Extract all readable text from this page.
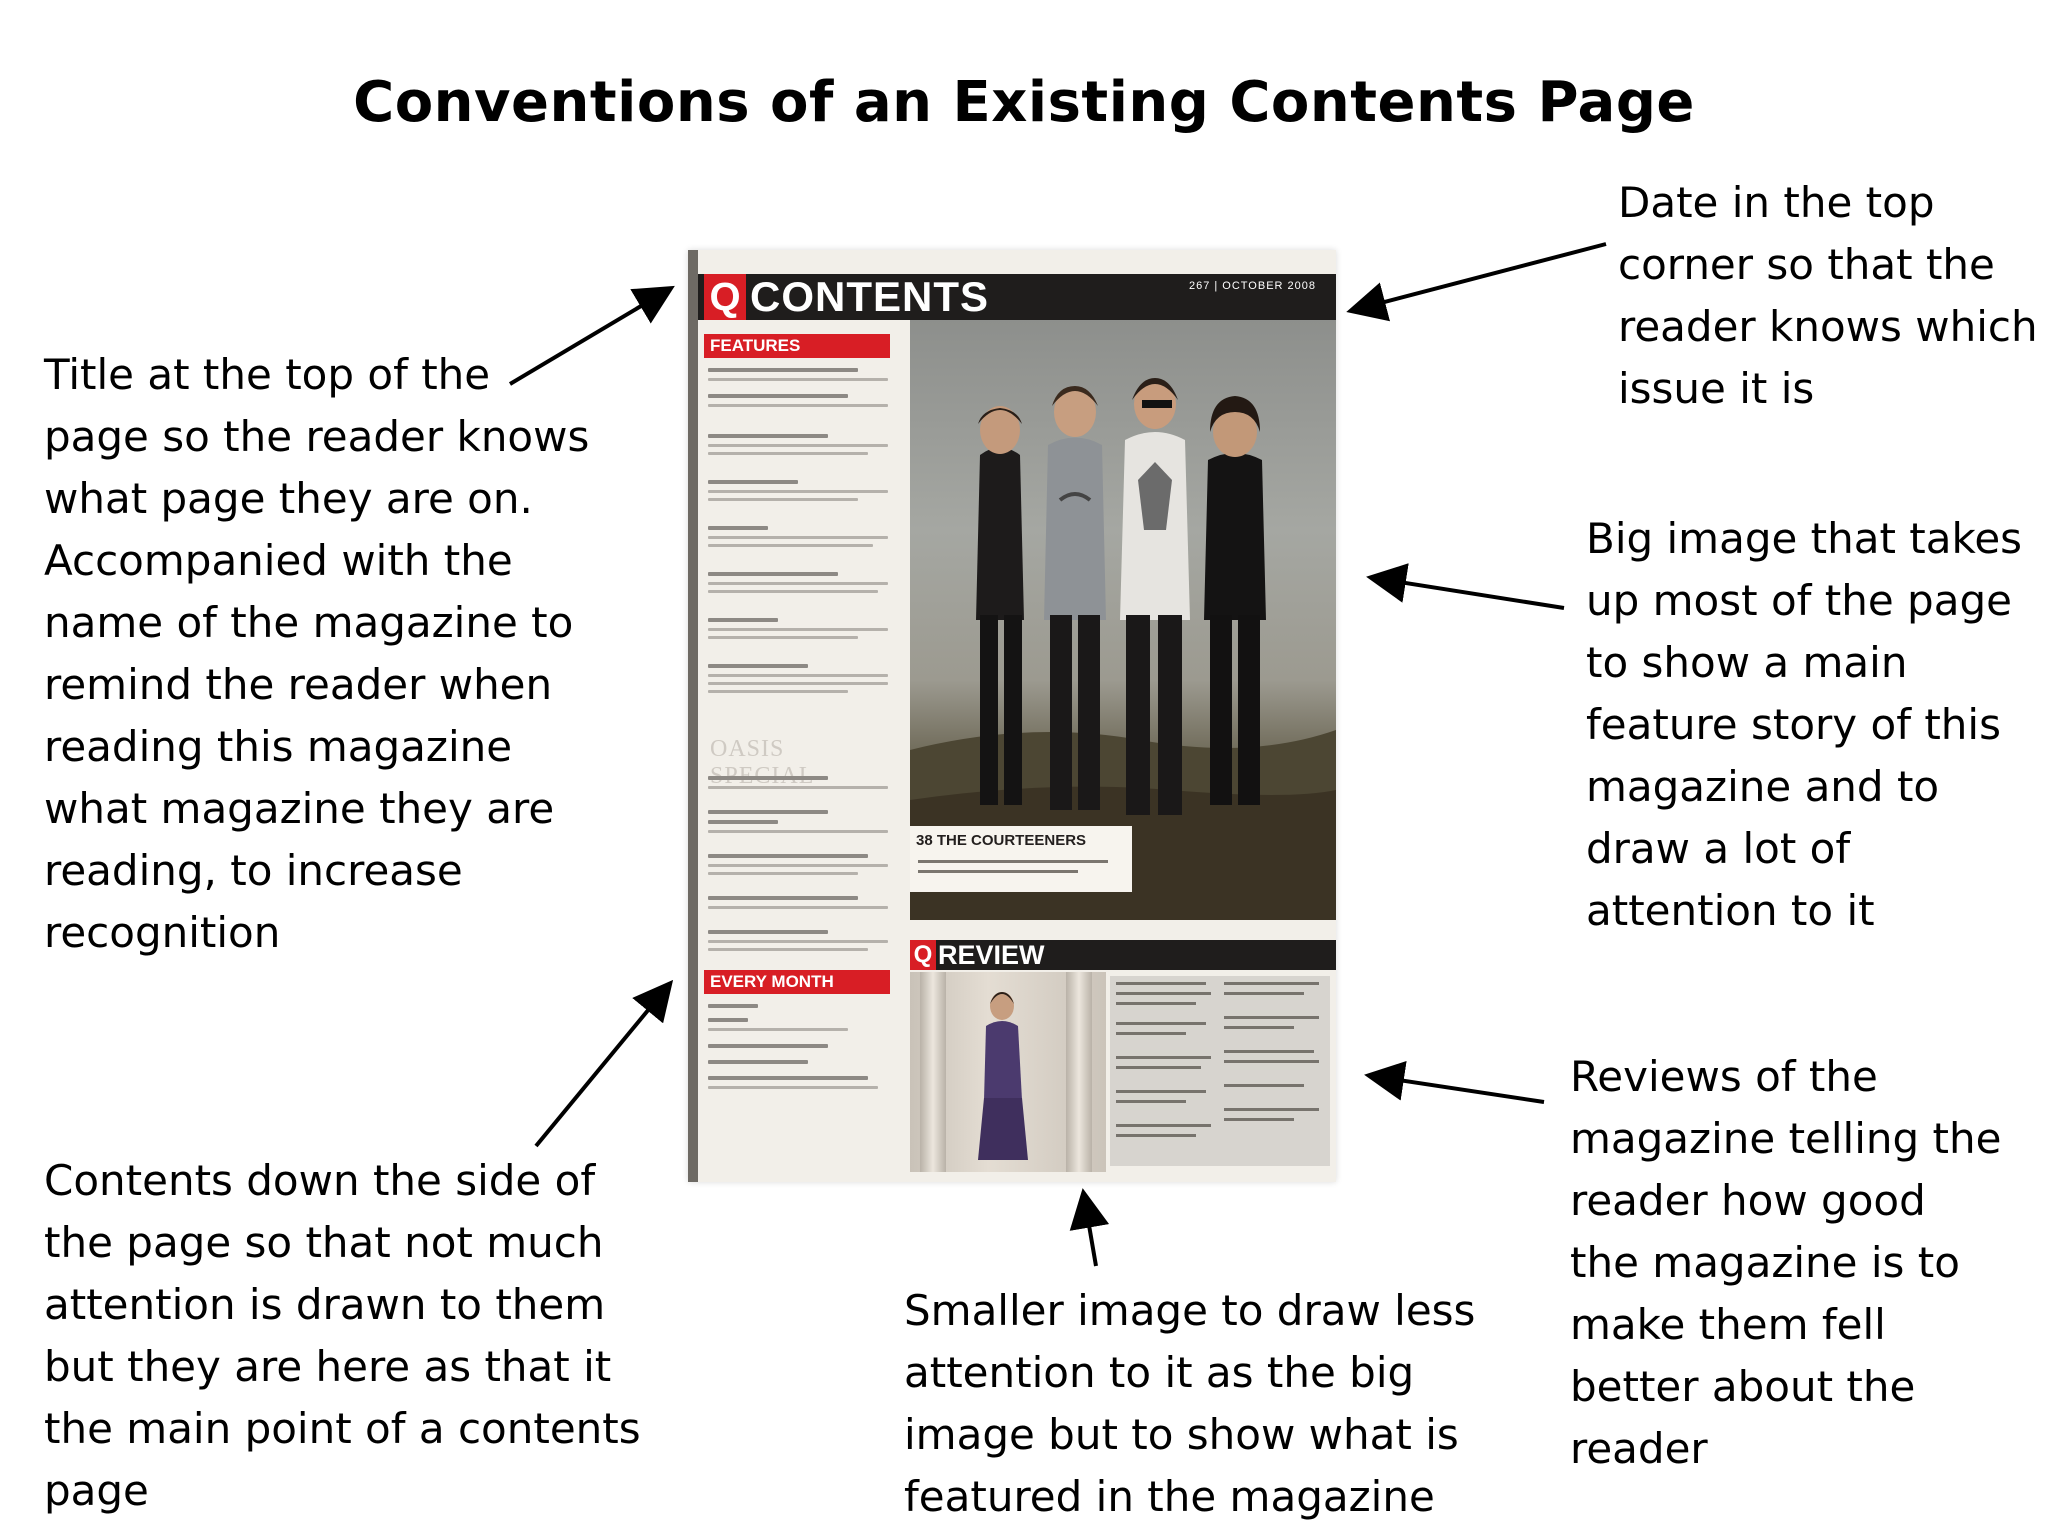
Conventions of an Existing Contents Page
Title at the top of the
page so the reader knows
what page they are on.
Accompanied with the
name of the magazine to
remind the reader when
reading this magazine
what magazine they are
reading, to increase
recognition
Contents down the side of
the page so that not much
attention is drawn to them
but they are here as that it
the main point of a contents
page
Date in the top
corner so that the
reader knows which
issue it is
Big image that takes
up most of the page
to show a main
feature story of this
magazine and to
draw a lot of
attention to it
Reviews of the
magazine telling the
reader how good
the magazine is to
make them fell
better about the
reader
Smaller image to draw less
attention to it as the big
image but to show what is
featured in the magazine
Q CONTENTS	267 | OCTOBER 2008
FEATURES
OASIS
EVERY MONTH
38 THE COURTEENERS
Q REVIEW
